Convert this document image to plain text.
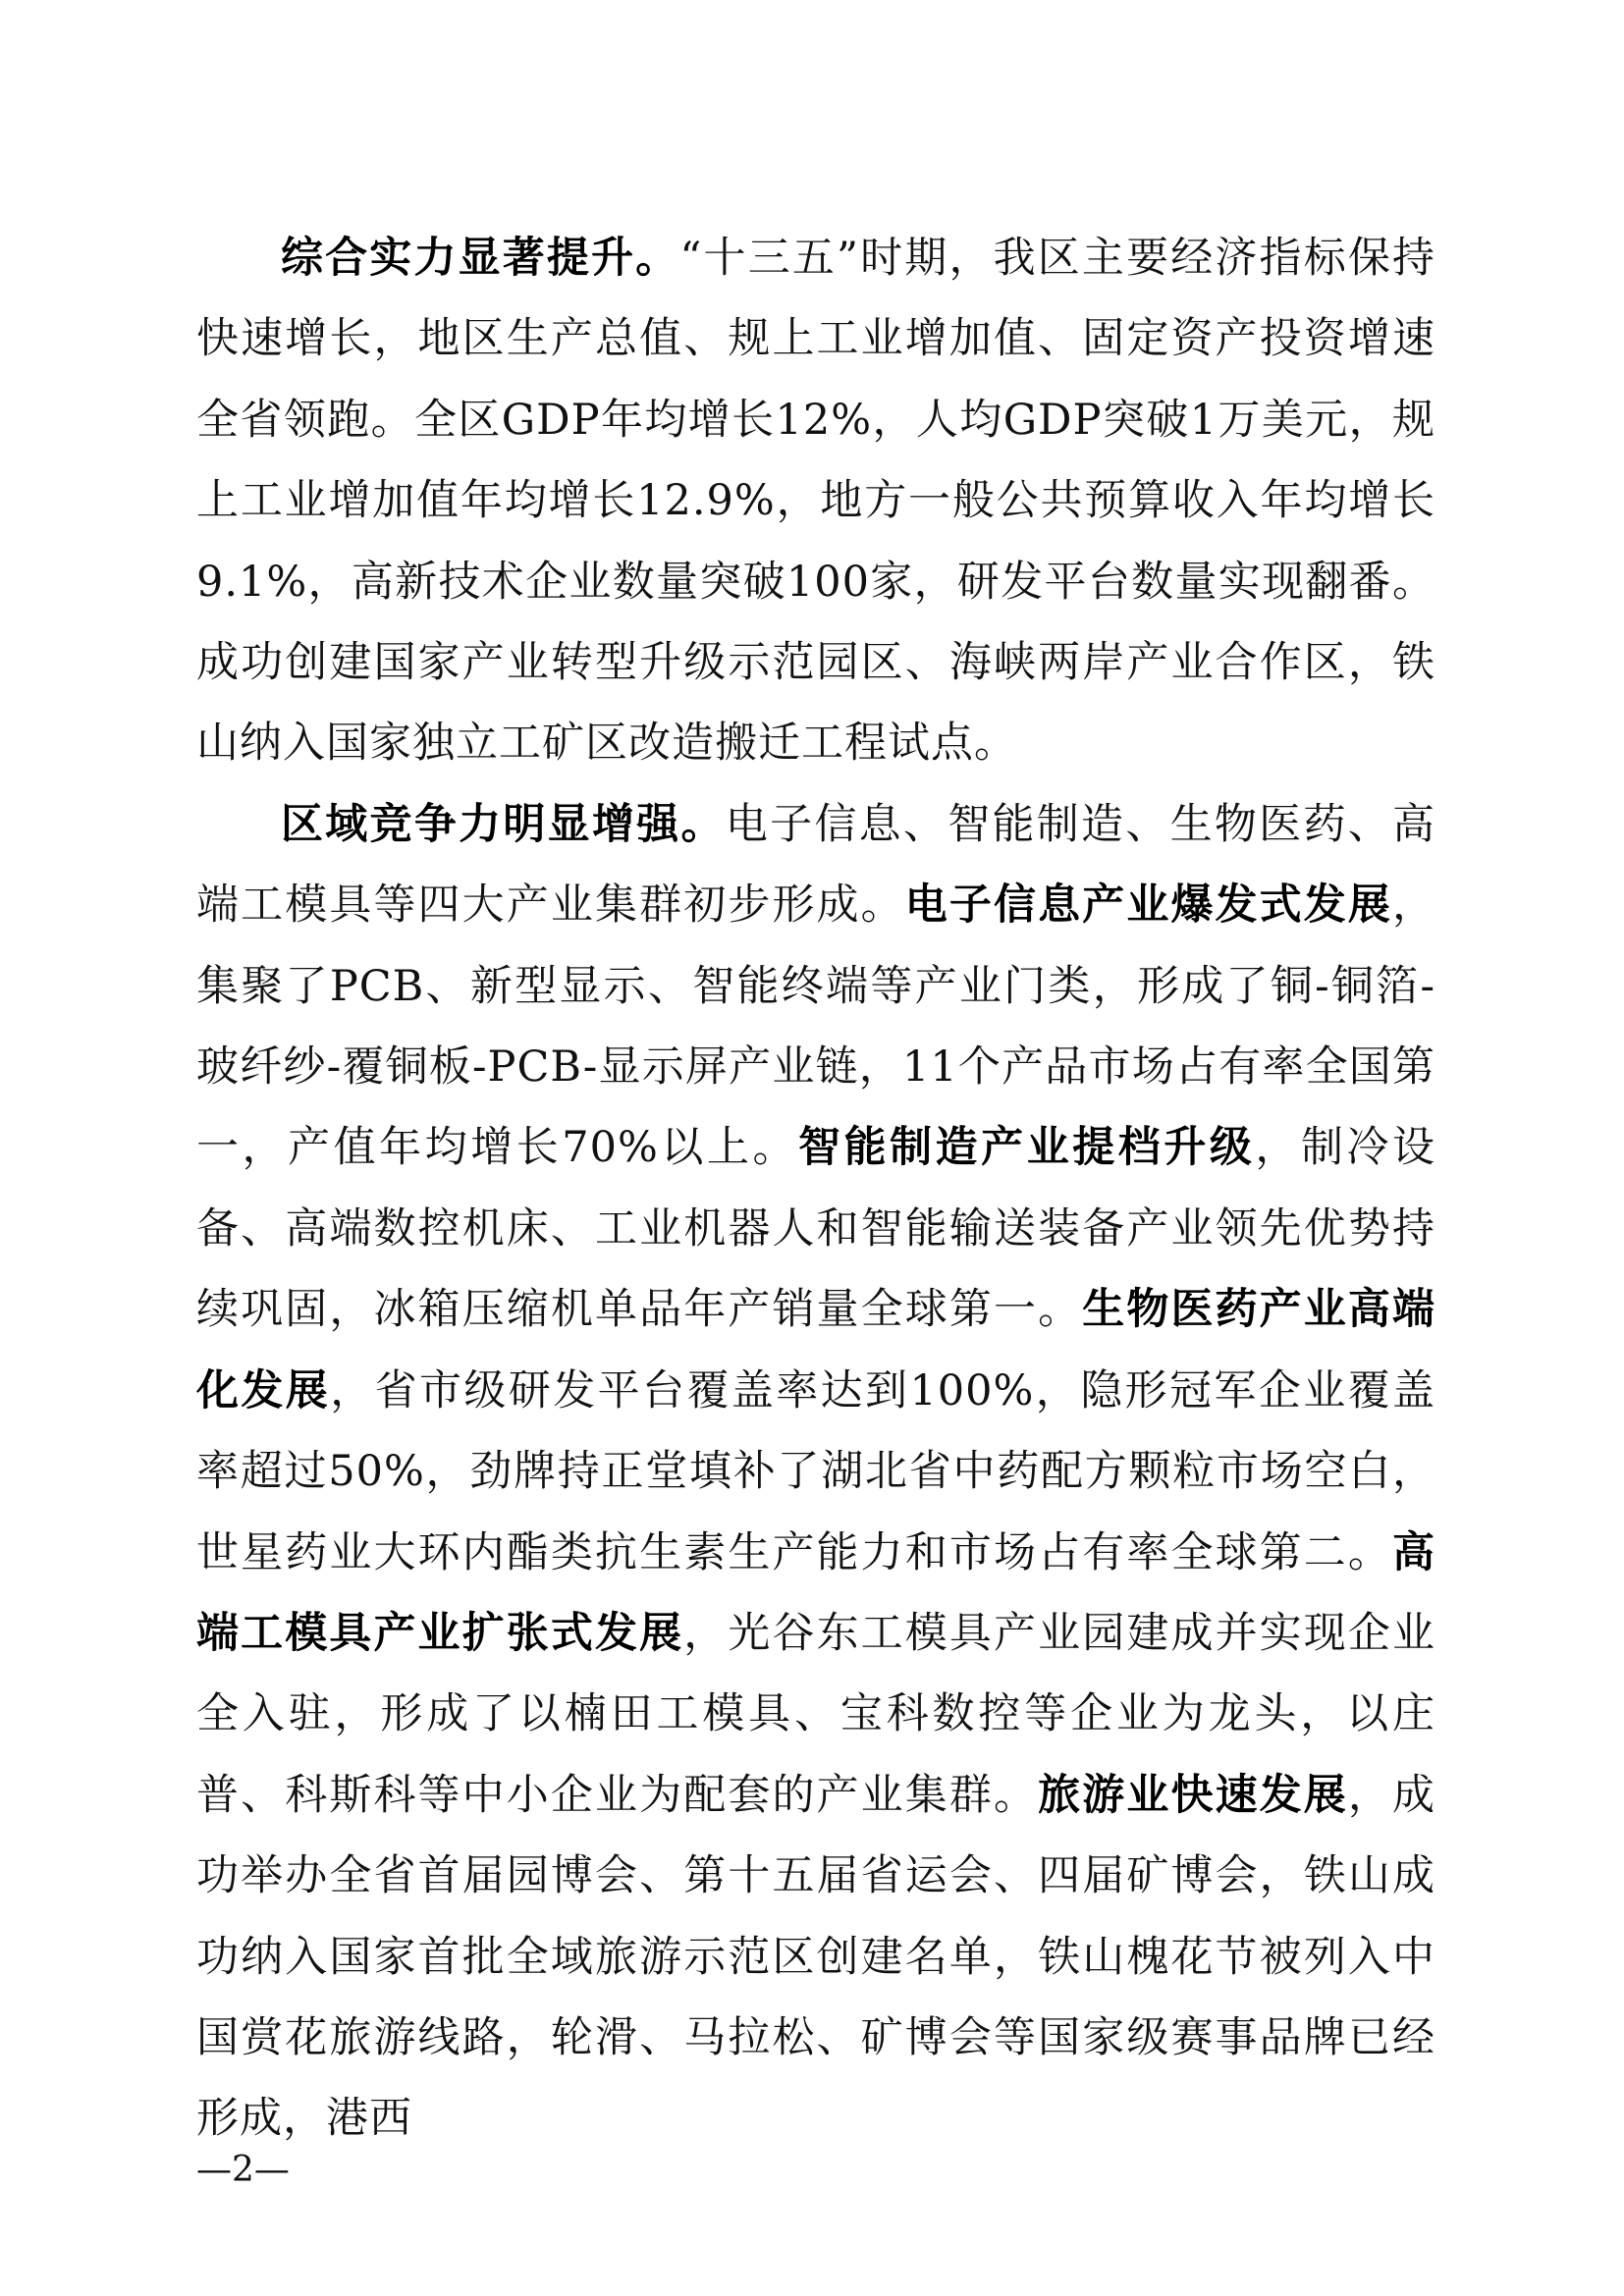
综合实力显著提升。“十三五”时期，我区主要经济指标保持快速增长，地区生产总值、规上工业增加值、固定资产投资增速全省领跑。全区GDP年均增长12%，人均GDP突破1万美元，规上工业增加值年均增长12.9%，地方一般公共预算收入年均增长9.1%，高新技术企业数量突破100家，研发平台数量实现翻番。成功创建国家产业转型升级示范园区、海峡两岸产业合作区，铁山纳入国家独立工矿区改造搬迁工程试点。

区域竞争力明显增强。电子信息、智能制造、生物医药、高端工模具等四大产业集群初步形成。电子信息产业爆发式发展，集聚了PCB、新型显示、智能终端等产业门类，形成了铜-铜箔-玻纤纱-覆铜板-PCB-显示屏产业链，11个产品市场占有率全国第一，产值年均增长70%以上。智能制造产业提档升级，制冷设备、高端数控机床、工业机器人和智能输送装备产业领先优势持续巩固，冰箱压缩机单品年产销量全球第一。生物医药产业高端化发展，省市级研发平台覆盖率达到100%，隐形冠军企业覆盖率超过50%，劲牌持正堂填补了湖北省中药配方颗粒市场空白，世星药业大环内酯类抗生素生产能力和市场占有率全球第二。高端工模具产业扩张式发展，光谷东工模具产业园建成并实现企业全入驻，形成了以楠田工模具、宝科数控等企业为龙头，以庄普、科斯科等中小企业为配套的产业集群。旅游业快速发展，成功举办全省首届园博会、第十五届省运会、四届矿博会，铁山成功纳入国家首批全域旅游示范区创建名单，铁山槐花节被列入中国赏花旅游线路，轮滑、马拉松、矿博会等国家级赛事品牌已经形成，港西

—2—
